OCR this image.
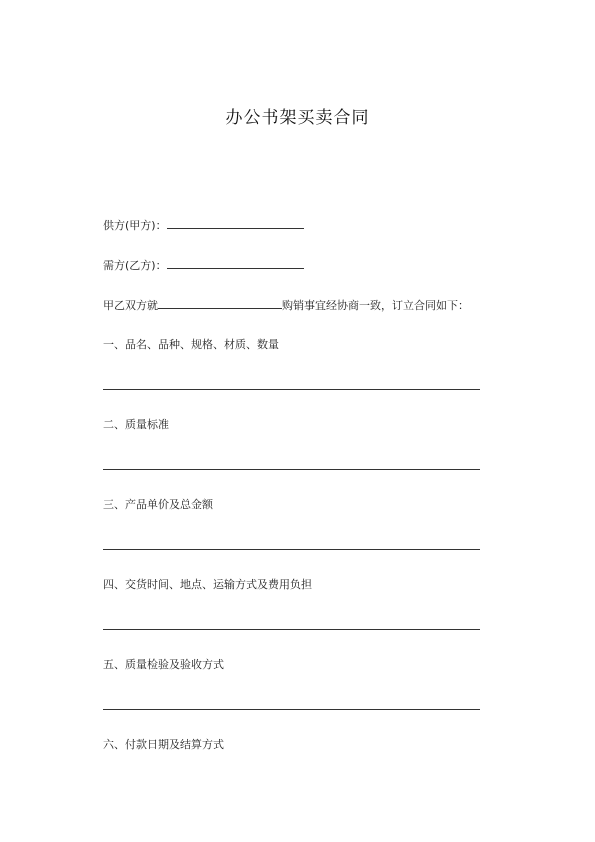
办公书架买卖合同
供方(甲方)：
需方(乙方)：
甲乙双方就	购销事宜经协商一致，订立合同如下：
一、品名、品种、规格、材质、数量
二、质量标准
三、产品单价及总金额
四、交货时间、地点、运输方式及费用负担
五、质量检验及验收方式
六、付款日期及结算方式
